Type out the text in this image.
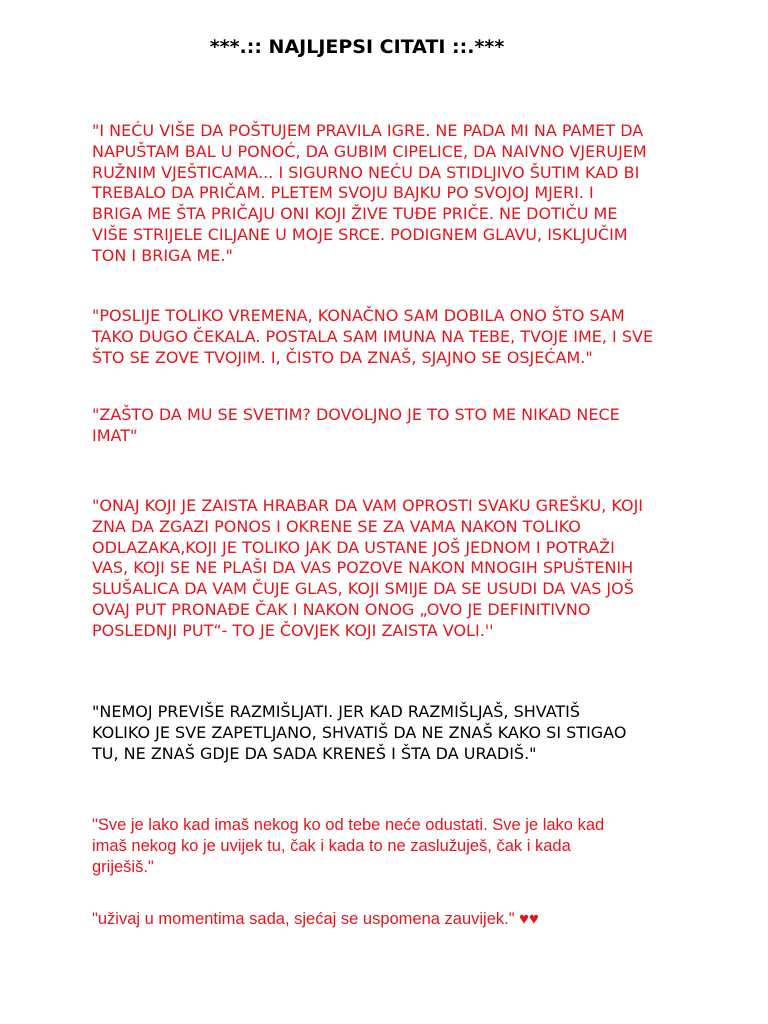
***.:: NAJLJEPSI CITATI ::.***

"I NEĆU VIŠE DA POŠTUJEM PRAVILA IGRE. NE PADA MI NA PAMET DA
NAPUŠTAM BAL U PONOĆ, DA GUBIM CIPELICE, DA NAIVNO VJERUJEM
RUŽNIM VJEŠTICAMA... I SIGURNO NEĆU DA STIDLJIVO ŠUTIM KAD BI
TREBALO DA PRIČAM. PLETEM SVOJU BAJKU PO SVOJOJ MJERI. I
BRIGA ME ŠTA PRIČAJU ONI KOJI ŽIVE TUĐE PRIČE. NE DOTIČU ME
VIŠE STRIJELE CILJANE U MOJE SRCE. PODIGNEM GLAVU, ISKLJUČIM
TON I BRIGA ME."

"POSLIJE TOLIKO VREMENA, KONAČNO SAM DOBILA ONO ŠTO SAM
TAKO DUGO ČEKALA. POSTALA SAM IMUNA NA TEBE, TVOJE IME, I SVE
ŠTO SE ZOVE TVOJIM. I, ČISTO DA ZNAŠ, SJAJNO SE OSJEĆAM."

"ZAŠTO DA MU SE SVETIM? DOVOLJNO JE TO STO ME NIKAD NECE
IMAT"

"ONAJ KOJI JE ZAISTA HRABAR DA VAM OPROSTI SVAKU GREŠKU, KOJI
ZNA DA ZGAZI PONOS I OKRENE SE ZA VAMA NAKON TOLIKO
ODLAZAKA,KOJI JE TOLIKO JAK DA USTANE JOŠ JEDNOM I POTRAŽI
VAS, KOJI SE NE PLAŠI DA VAS POZOVE NAKON MNOGIH SPUŠTENIH
SLUŠALICA DA VAM ČUJE GLAS, KOJI SMIJE DA SE USUDI DA VAS JOŠ
OVAJ PUT PRONAĐE ČAK I NAKON ONOG „OVO JE DEFINITIVNO
POSLEDNJI PUT“- TO JE ČOVJEK KOJI ZAISTA VOLI.''

"NEMOJ PREVIŠE RAZMIŠLJATI. JER KAD RAZMIŠLJAŠ, SHVATIŠ
KOLIKO JE SVE ZAPETLJANO, SHVATIŠ DA NE ZNAŠ KAKO SI STIGAO
TU, NE ZNAŠ GDJE DA SADA KRENEŠ I ŠTA DA URADIŠ."

"Sve je lako kad imaš nekog ko od tebe neće odustati. Sve je lako kad
imaš nekog ko je uvijek tu, čak i kada to ne zaslužuješ, čak i kada
griješiš."

"uživaj u momentima sada, sjećaj se uspomena zauvijek." ♥♥
